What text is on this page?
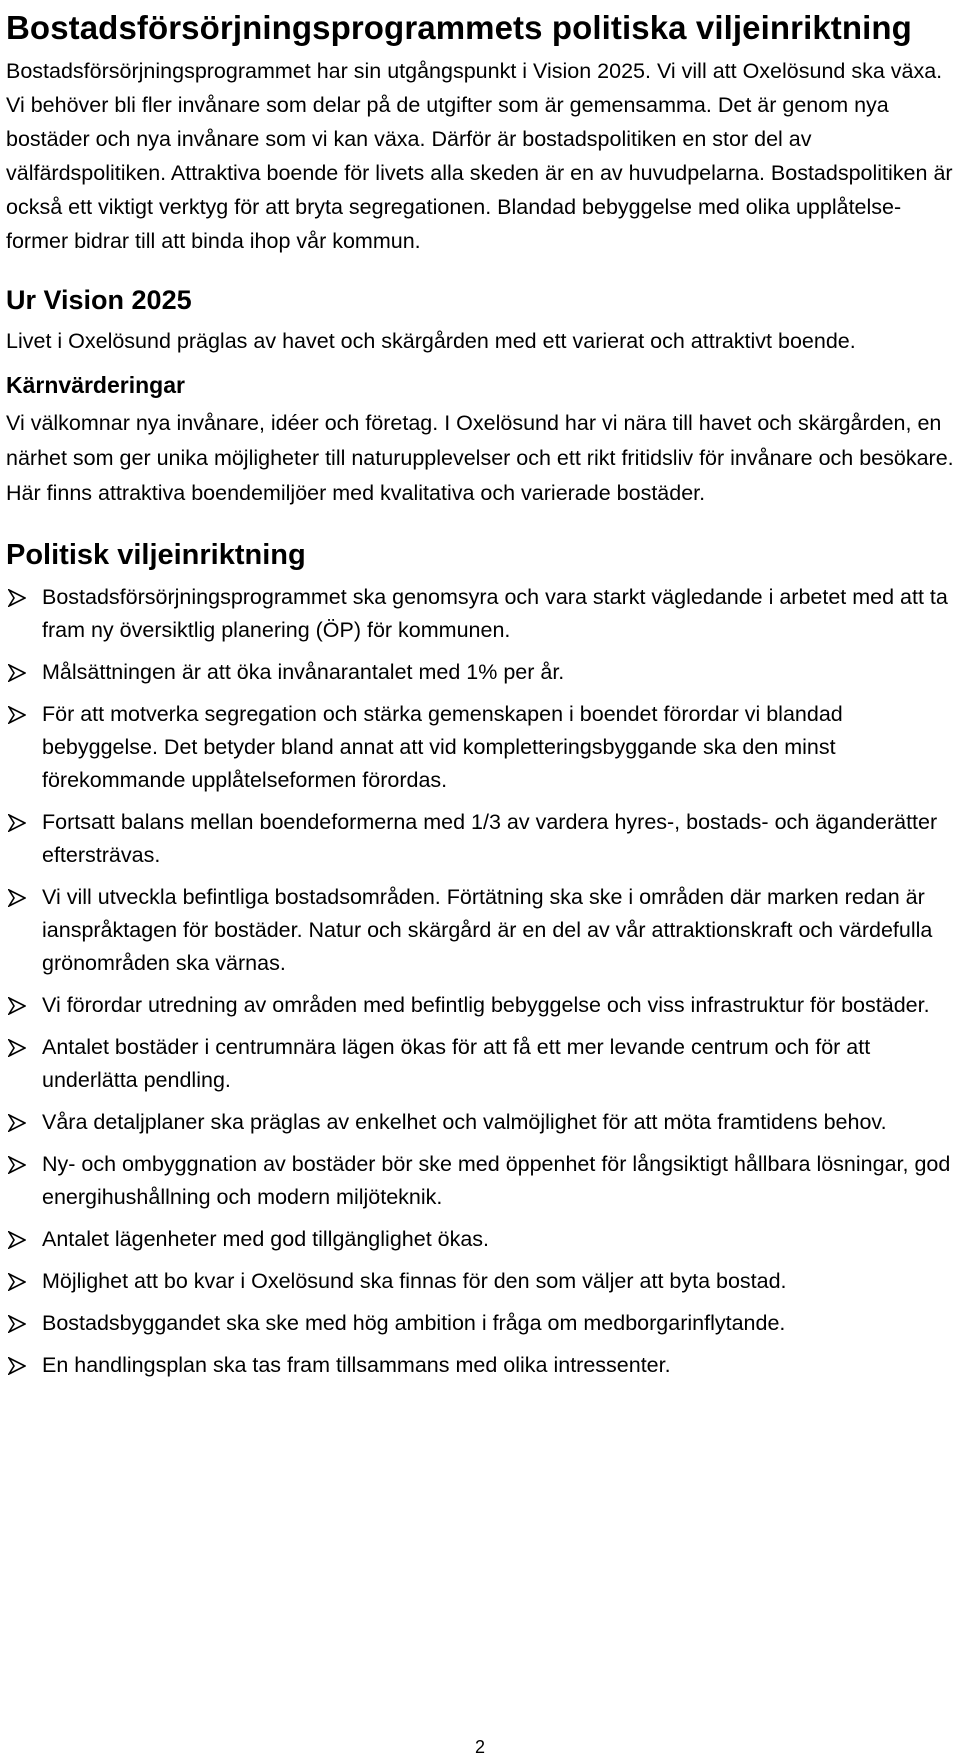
Bostadsförsörjningsprogrammets politiska viljeinriktning

Bostadsförsörjningsprogrammet har sin utgångspunkt i Vision 2025. Vi vill att Oxelösund ska växa. Vi behöver bli fler invånare som delar på de utgifter som är gemensamma. Det är genom nya bostäder och nya invånare som vi kan växa. Därför är bostadspolitiken en stor del av välfärdspolitiken. Attraktiva boende för livets alla skeden är en av huvudpelarna. Bostadspolitiken är också ett viktigt verktyg för att bryta segregationen. Blandad bebyggelse med olika upplåtelseformer bidrar till att binda ihop vår kommun.

Ur Vision 2025

Livet i Oxelösund präglas av havet och skärgården med ett varierat och attraktivt boende.

Kärnvärderingar

Vi välkomnar nya invånare, idéer och företag. I Oxelösund har vi nära till havet och skärgården, en närhet som ger unika möjligheter till naturupplevelser och ett rikt fritidsliv för invånare och besökare. Här finns attraktiva boendemiljöer med kvalitativa och varierade bostäder.

Politisk viljeinriktning
Bostadsförsörjningsprogrammet ska genomsyra och vara starkt vägledande i arbetet med att ta fram ny översiktlig planering (ÖP) för kommunen.
Målsättningen är att öka invånarantalet med 1% per år.
För att motverka segregation och stärka gemenskapen i boendet förordar vi blandad bebyggelse. Det betyder bland annat att vid kompletteringsbyggande ska den minst förekommande upplåtelseformen förordas.
Fortsatt balans mellan boendeformerna med 1/3 av vardera hyres-, bostads- och äganderätter eftersträvas.
Vi vill utveckla befintliga bostadsområden. Förtätning ska ske i områden där marken redan är ianspråktagen för bostäder. Natur och skärgård är en del av vår attraktionskraft och värdefulla grönområden ska värnas.
Vi förordar utredning av områden med befintlig bebyggelse och viss infrastruktur för bostäder.
Antalet bostäder i centrumnära lägen ökas för att få ett mer levande centrum och för att underlätta pendling.
Våra detaljplaner ska präglas av enkelhet och valmöjlighet för att möta framtidens behov.
Ny- och ombyggnation av bostäder bör ske med öppenhet för långsiktigt hållbara lösningar, god energihushållning och modern miljöteknik.
Antalet lägenheter med god tillgänglighet ökas.
Möjlighet att bo kvar i Oxelösund ska finnas för den som väljer att byta bostad.
Bostadsbyggandet ska ske med hög ambition i fråga om medborgarinflytande.
En handlingsplan ska tas fram tillsammans med olika intressenter.
2
